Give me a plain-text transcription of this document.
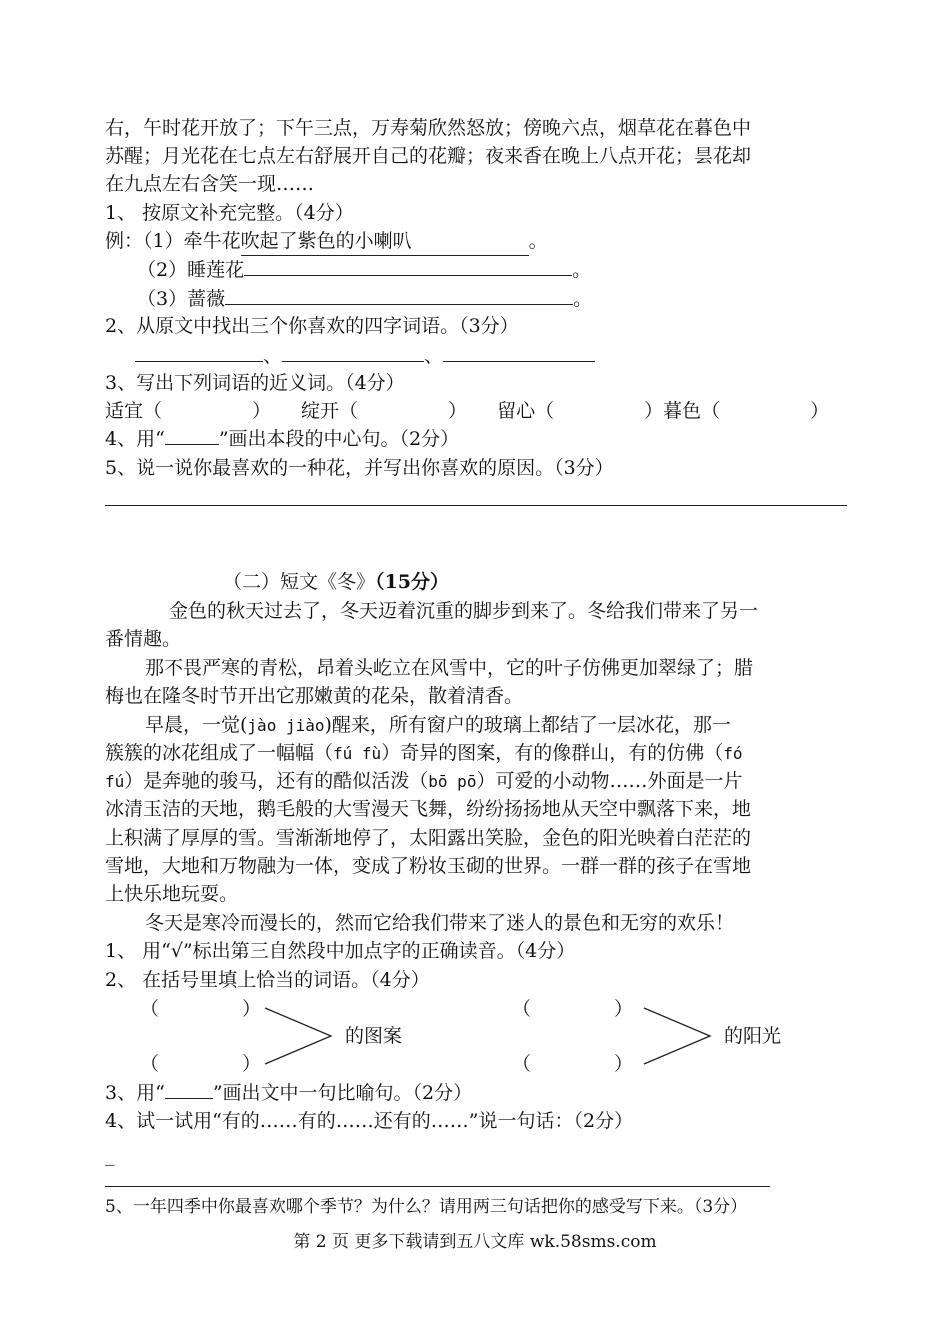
右，午时花开放了；下午三点，万寿菊欣然怒放；傍晚六点，烟草花在暮色中
苏醒；月光花在七点左右舒展开自己的花瓣；夜来香在晚上八点开花；昙花却
在九点左右含笑一现……
1、 按原文补充完整。（4分）
例：（1）牵牛花吹起了紫色的小喇叭	。
（2）睡莲花	。
（3）蔷薇	。
2、从原文中找出三个你喜欢的四字词语。（3分）
、	、
3、写出下列词语的近义词。（4分）
适宜（	） 绽开（	） 留心（	）暮色（	）
4、用“	”画出本段的中心句。（2分）
5、说一说你最喜欢的一种花，并写出你喜欢的原因。（3分）
（二）短文《冬》（15分）
金色的秋天过去了，冬天迈着沉重的脚步到来了。冬给我们带来了另一
番情趣。
那不畏严寒的青松，昂着头屹立在风雪中，它的叶子仿佛更加翠绿了；腊
梅也在隆冬时节开出它那嫩黄的花朵，散着清香。
早晨，一觉(jào jiào)醒来，所有窗户的玻璃上都结了一层冰花，那一
簇簇的冰花组成了一幅幅（fú fù）奇异的图案，有的像群山，有的仿佛（fó
fú）是奔驰的骏马，还有的酷似活泼（bō pō）可爱的小动物……外面是一片
冰清玉洁的天地，鹅毛般的大雪漫天飞舞，纷纷扬扬地从天空中飘落下来，地
上积满了厚厚的雪。雪渐渐地停了，太阳露出笑脸，金色的阳光映着白茫茫的
雪地，大地和万物融为一体，变成了粉妆玉砌的世界。一群一群的孩子在雪地
上快乐地玩耍。
冬天是寒冷而漫长的，然而它给我们带来了迷人的景色和无穷的欢乐！
1、 用“√”标出第三自然段中加点字的正确读音。（4分）
2、 在括号里填上恰当的词语。（4分）
（	）
（	）
的图案
（	）
（	）
的阳光
3、用“	”画出文中一句比喻句。（2分）
4、试一试用“有的……有的……还有的……”说一句话：（2分）
_
5、一年四季中你最喜欢哪个季节？为什么？请用两三句话把你的感受写下来。（3分）
第 2 页 更多下载请到五八文库 wk.58sms.com
